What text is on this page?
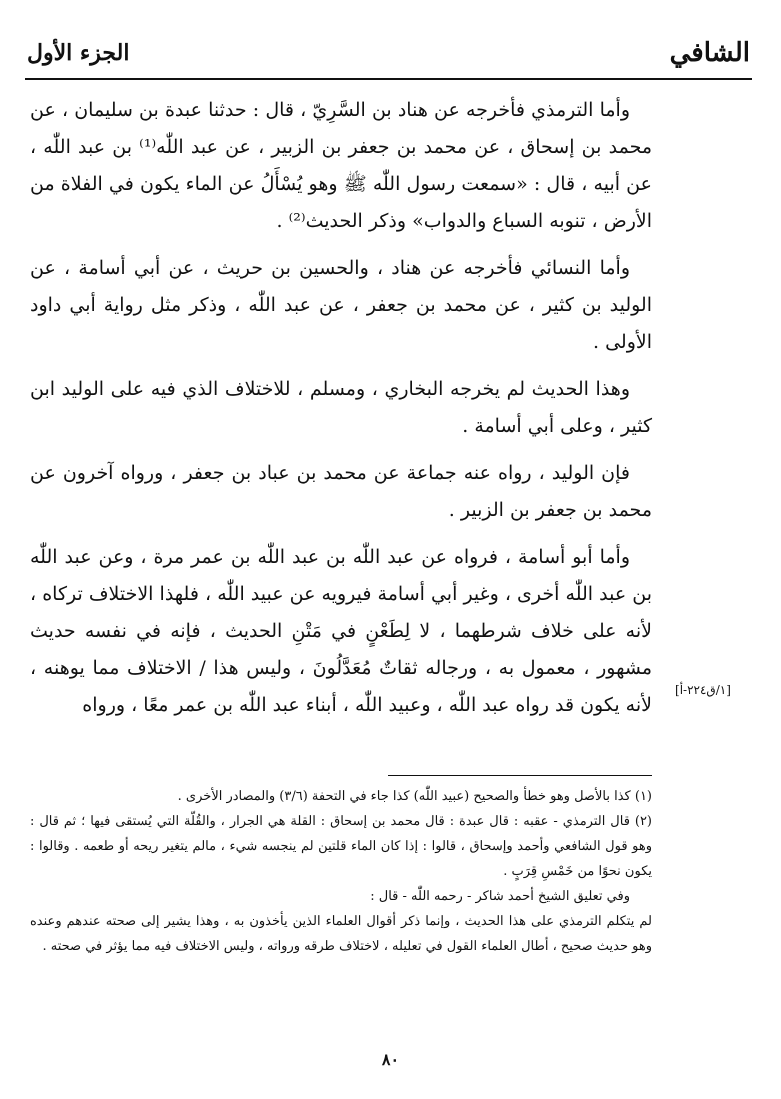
الشافي
الجزء الأول

وأما الترمذي فأخرجه عن هناد بن السَّرِيّ ، قال : حدثنا عبدة بن سليمان ، عن محمد بن إسحاق ، عن محمد بن جعفر بن الزبير ، عن عبد اللّٰه⁽¹⁾ بن عبد اللّٰه ، عن أبيه ، قال : «سمعت رسول اللّٰه ﷺ وهو يُسْأَلُ عن الماء يكون في الفلاة من الأرض ، تنوبه السباع والدواب» وذكر الحديث⁽²⁾ .

وأما النسائي فأخرجه عن هناد ، والحسين بن حريث ، عن أبي أسامة ، عن الوليد بن كثير ، عن محمد بن جعفر ، عن عبد اللّٰه ، وذكر مثل رواية أبي داود الأولى .

وهذا الحديث لم يخرجه البخاري ، ومسلم ، للاختلاف الذي فيه على الوليد ابن كثير ، وعلى أبي أسامة .

فإن الوليد ، رواه عنه جماعة عن محمد بن عباد بن جعفر ، ورواه آخرون عن محمد بن جعفر بن الزبير .

وأما أبو أسامة ، فرواه عن عبد اللّٰه بن عبد اللّٰه بن عمر مرة ، وعن عبد اللّٰه بن عبد اللّٰه أخرى ، وغير أبي أسامة فيرويه عن عبيد اللّٰه ، فلهذا الاختلاف تركاه ، لأنه على خلاف شرطهما ، لا لِطَعْنٍ في مَتْنِ الحديث ، فإنه في نفسه حديث مشهور ، معمول به ، ورجاله ثقاتٌ مُعَدَّلُونَ ، وليس هذا / الاختلاف مما يوهنه ، لأنه يكون قد رواه عبد اللّٰه ، وعبيد اللّٰه ، أبناء عبد اللّٰه بن عمر معًا ، ورواه

[١/ق٢٢٤-أ]

(١) كذا بالأصل وهو خطأ والصحيح (عبيد اللّٰه) كذا جاء في التحفة (٣/٦) والمصادر الأخرى .

(٢) قال الترمذي - عقبه : قال عبدة : قال محمد بن إسحاق : القلة هي الجرار ، والقُلّة التي يُستقى فيها ؛ ثم قال : وهو قول الشافعي وأحمد وإسحاق ، قالوا : إذا كان الماء قلتين لم ينجسه شيء ، مالم يتغير ريحه أو طعمه . وقالوا : يكون نحوًا من خَمْسِ قِرَبٍ .

وفي تعليق الشيخ أحمد شاكر - رحمه اللّٰه - قال :

لم يتكلم الترمذي على هذا الحديث ، وإنما ذكر أقوال العلماء الذين يأخذون به ، وهذا يشير إلى صحته عندهم وعنده وهو حديث صحيح ، أطال العلماء القول في تعليله ، لاختلاف طرقه ورواته ، وليس الاختلاف فيه مما يؤثر في صحته .

٨٠
